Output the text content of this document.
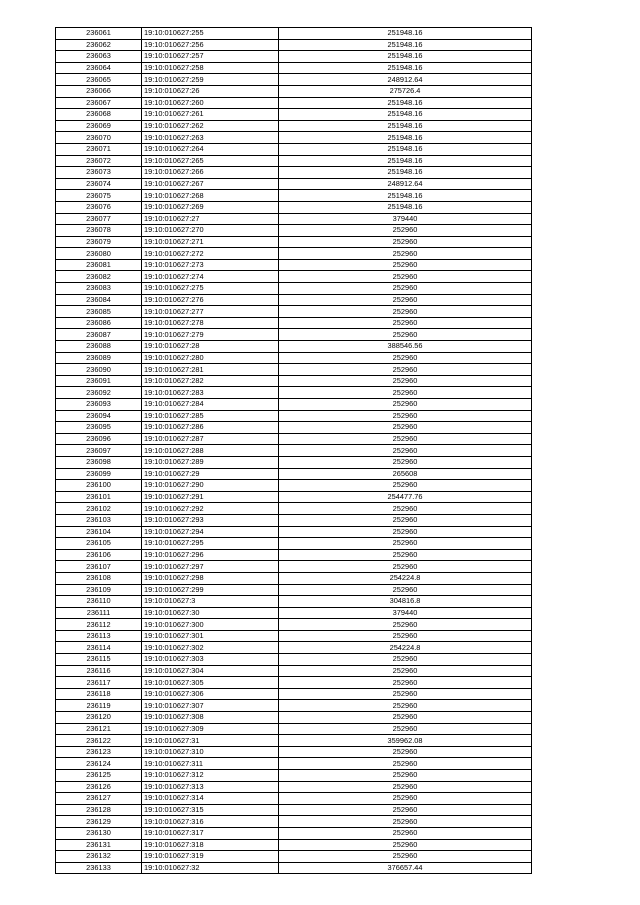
236061	19:10:010627:255	251948.16
236062	19:10:010627:256	251948.16
236063	19:10:010627:257	251948.16
236064	19:10:010627:258	251948.16
236065	19:10:010627:259	248912.64
236066	19:10:010627:26	275726.4
236067	19:10:010627:260	251948.16
236068	19:10:010627:261	251948.16
236069	19:10:010627:262	251948.16
236070	19:10:010627:263	251948.16
236071	19:10:010627:264	251948.16
236072	19:10:010627:265	251948.16
236073	19:10:010627:266	251948.16
236074	19:10:010627:267	248912.64
236075	19:10:010627:268	251948.16
236076	19:10:010627:269	251948.16
236077	19:10:010627:27	379440
236078	19:10:010627:270	252960
236079	19:10:010627:271	252960
236080	19:10:010627:272	252960
236081	19:10:010627:273	252960
236082	19:10:010627:274	252960
236083	19:10:010627:275	252960
236084	19:10:010627:276	252960
236085	19:10:010627:277	252960
236086	19:10:010627:278	252960
236087	19:10:010627:279	252960
236088	19:10:010627:28	388546.56
236089	19:10:010627:280	252960
236090	19:10:010627:281	252960
236091	19:10:010627:282	252960
236092	19:10:010627:283	252960
236093	19:10:010627:284	252960
236094	19:10:010627:285	252960
236095	19:10:010627:286	252960
236096	19:10:010627:287	252960
236097	19:10:010627:288	252960
236098	19:10:010627:289	252960
236099	19:10:010627:29	265608
236100	19:10:010627:290	252960
236101	19:10:010627:291	254477.76
236102	19:10:010627:292	252960
236103	19:10:010627:293	252960
236104	19:10:010627:294	252960
236105	19:10:010627:295	252960
236106	19:10:010627:296	252960
236107	19:10:010627:297	252960
236108	19:10:010627:298	254224.8
236109	19:10:010627:299	252960
236110	19:10:010627:3	304816.8
236111	19:10:010627:30	379440
236112	19:10:010627:300	252960
236113	19:10:010627:301	252960
236114	19:10:010627:302	254224.8
236115	19:10:010627:303	252960
236116	19:10:010627:304	252960
236117	19:10:010627:305	252960
236118	19:10:010627:306	252960
236119	19:10:010627:307	252960
236120	19:10:010627:308	252960
236121	19:10:010627:309	252960
236122	19:10:010627:31	359962.08
236123	19:10:010627:310	252960
236124	19:10:010627:311	252960
236125	19:10:010627:312	252960
236126	19:10:010627:313	252960
236127	19:10:010627:314	252960
236128	19:10:010627:315	252960
236129	19:10:010627:316	252960
236130	19:10:010627:317	252960
236131	19:10:010627:318	252960
236132	19:10:010627:319	252960
236133	19:10:010627:32	376657.44
